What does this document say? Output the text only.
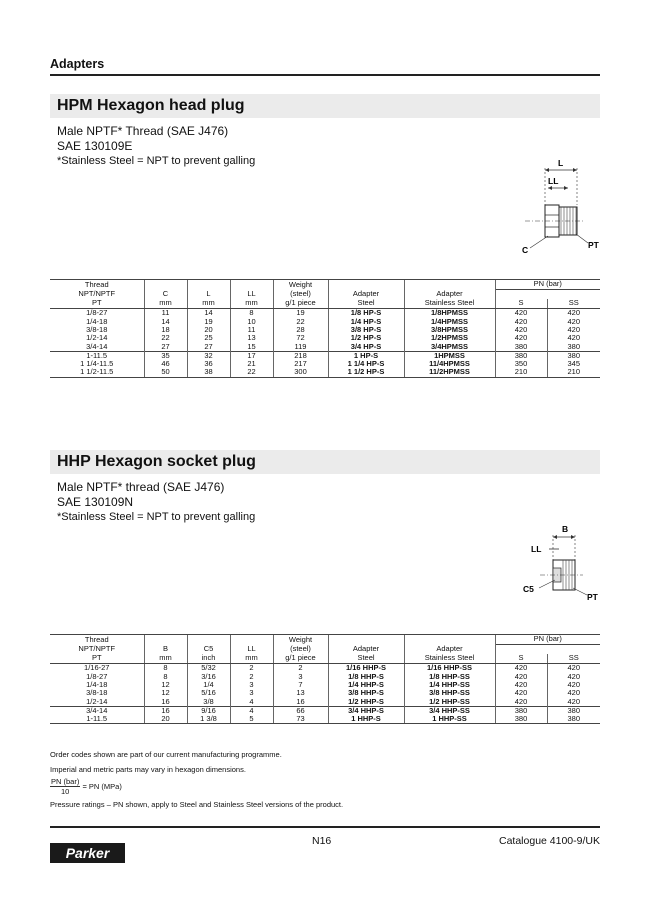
Adapters
HPM Hexagon head plug
Male NPTF* Thread (SAE J476)
SAE 130109E
*Stainless Steel = NPT to prevent galling	L
LL
C	PT
Thread				Weight			PN (bar)	
NPT/NPTF	C	L	LL	(steel)	Adapter	Adapter		
PT	mm	mm	mm	g/1 piece	Steel	Stainless Steel	S	SS
1/8-27	11	14	8	19	1/8 HP-S	1/8HPMSS	420	420
1/4-18	14	19	10	22	1/4 HP-S	1/4HPMSS	420	420
3/8-18	18	20	11	28	3/8 HP-S	3/8HPMSS	420	420
1/2-14	22	25	13	72	1/2 HP-S	1/2HPMSS	420	420
3/4-14	27	27	15	119	3/4 HP-S	3/4HPMSS	380	380
1-11.5	35	32	17	218	1 HP-S	1HPMSS	380	380
1 1/4-11.5	46	36	21	217	1 1/4 HP-S	11/4HPMSS	350	345
1 1/2-11.5	50	38	22	300	1 1/2 HP-S	11/2HPMSS	210	210
HHP Hexagon socket plug
Male NPTF* thread (SAE J476)
SAE 130109N
*Stainless Steel = NPT to prevent galling
B
LL
C5
PT
Thread				Weight			PN (bar)	
NPT/NPTF	B	C5	LL	(steel)	Adapter	Adapter		
PT	mm	inch	mm	g/1 piece	Steel	Stainless Steel	S	SS
1/16-27	8	5/32	2	2	1/16 HHP-S	1/16 HHP-SS	420	420
1/8-27	8	3/16	2	3	1/8 HHP-S	1/8 HHP-SS	420	420
1/4-18	12	1/4	3	7	1/4 HHP-S	1/4 HHP-SS	420	420
3/8-18	12	5/16	3	13	3/8 HHP-S	3/8 HHP-SS	420	420
1/2-14	16	3/8	4	16	1/2 HHP-S	1/2 HHP-SS	420	420
3/4-14	16	9/16	4	66	3/4 HHP-S	3/4 HHP-SS	380	380
1-11.5	20	1 3/8	5	73	1 HHP-S	1 HHP-SS	380	380
Order codes shown are part of our current manufacturing programme.
Imperial and metric parts may vary in hexagon dimensions.
PN (bar)
10
= PN (MPa)
Pressure ratings – PN shown, apply to Steel and Stainless Steel versions of the product.
Parker
N16	Catalogue 4100-9/UK
